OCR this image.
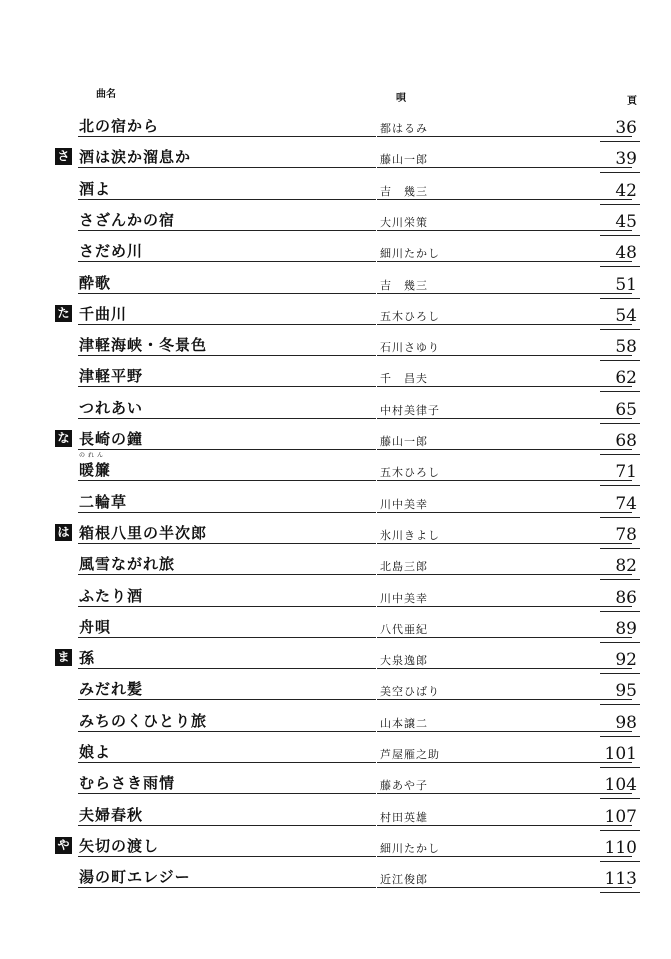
曲名	唄	頁
北の宿から	都はるみ	36
さ 酒は涙か溜息か	藤山一郎	39
酒よ	吉　幾三	42
さざんかの宿	大川栄策	45
さだめ川	細川たかし	48
酔歌	吉　幾三	51
た 千曲川	五木ひろし	54
津軽海峡・冬景色	石川さゆり	58
津軽平野	千　昌夫	62
つれあい	中村美律子	65
な 長崎の鐘	藤山一郎	68
のれん
暖簾	五木ひろし	71
二輪草	川中美幸	74
は 箱根八里の半次郎	氷川きよし	78
風雪ながれ旅	北島三郎	82
ふたり酒	川中美幸	86
舟唄	八代亜紀	89
ま 孫	大泉逸郎	92
みだれ髪	美空ひばり	95
みちのくひとり旅	山本譲二	98
娘よ	芦屋雁之助	101
むらさき雨情	藤あや子	104
夫婦春秋	村田英雄	107
や 矢切の渡し	細川たかし	110
湯の町エレジー	近江俊郎	113
